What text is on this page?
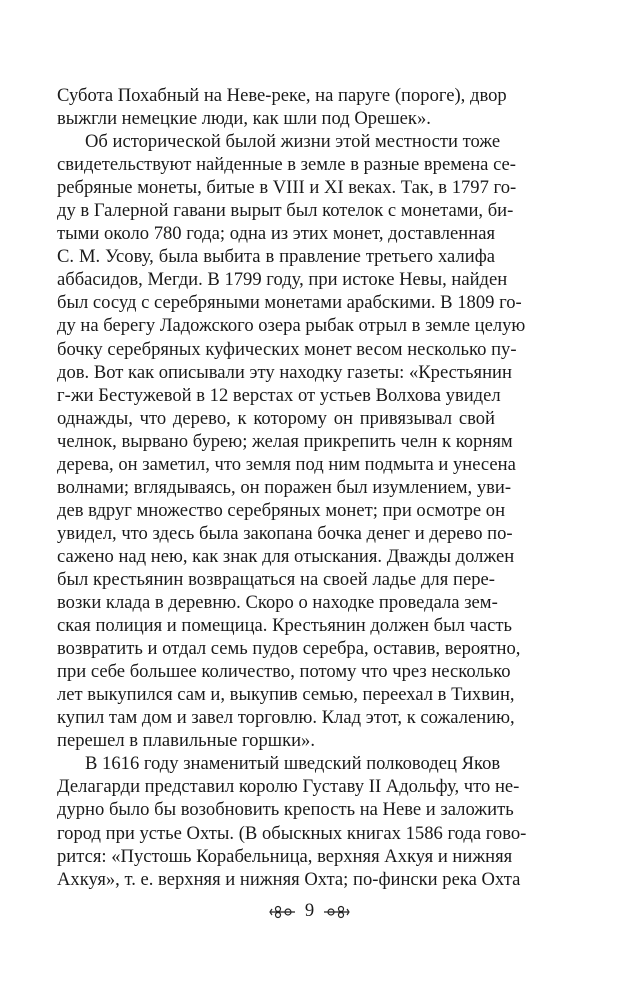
Субота Похабный на Неве-реке, на паруге (пороге), двор
выжгли немецкие люди, как шли под Орешек».
Об исторической былой жизни этой местности тоже
свидетельствуют найденные в земле в разные времена се-
ребряные монеты, битые в VIII и XI веках. Так, в 1797 го-
ду в Галерной гавани вырыт был котелок с монетами, би-
тыми около 780 года; одна из этих монет, доставленная
С. М. Усову, была выбита в правление третьего халифа
аббасидов, Мегди. В 1799 году, при истоке Невы, найден
был сосуд с серебряными монетами арабскими. В 1809 го-
ду на берегу Ладожского озера рыбак отрыл в земле целую
бочку серебряных куфических монет весом несколько пу-
дов. Вот как описывали эту находку газеты: «Крестьянин
г-жи Бестужевой в 12 верстах от устьев Волхова увидел
однажды, что дерево, к которому он привязывал свой
челнок, вырвано бурею; желая прикрепить челн к корням
дерева, он заметил, что земля под ним подмыта и унесена
волнами; вглядываясь, он поражен был изумлением, уви-
дев вдруг множество серебряных монет; при осмотре он
увидел, что здесь была закопана бочка денег и дерево по-
сажено над нею, как знак для отыскания. Дважды должен
был крестьянин возвращаться на своей ладье для пере-
возки клада в деревню. Скоро о находке проведала зем-
ская полиция и помещица. Крестьянин должен был часть
возвратить и отдал семь пудов серебра, оставив, вероятно,
при себе большее количество, потому что чрез несколько
лет выкупился сам и, выкупив семью, переехал в Тихвин,
купил там дом и завел торговлю. Клад этот, к сожалению,
перешел в плавильные горшки».
В 1616 году знаменитый шведский полководец Яков
Делагарди представил королю Густаву II Адольфу, что не-
дурно было бы возобновить крепость на Неве и заложить
город при устье Охты. (В обыскных книгах 1586 года гово-
рится: «Пустошь Корабельница, верхняя Ахкуя и нижняя
Ахкуя», т. е. верхняя и нижняя Охта; по-фински река Охта
9
